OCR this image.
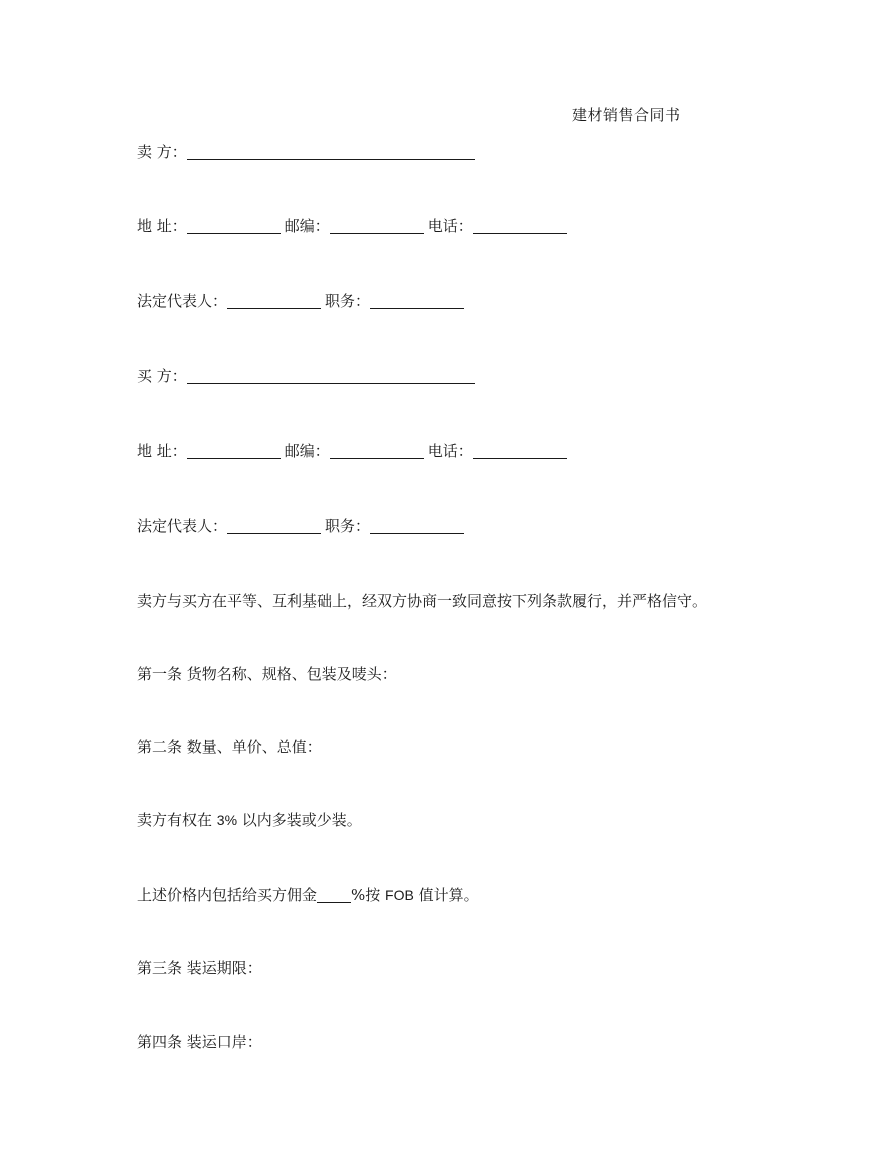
建材销售合同书
卖 方：
地 址：	邮编：	电话：
法定代表人：	职务：
买 方：
地 址：	邮编：	电话：
法定代表人：	职务：
卖方与买方在平等、互利基础上，经双方协商一致同意按下列条款履行，并严格信守。
第一条 货物名称、规格、包装及唛头：
第二条 数量、单价、总值：
卖方有权在 3% 以内多装或少装。
上述价格内包括给买方佣金 %按 FOB 值计算。
第三条 装运期限：
第四条 装运口岸：
